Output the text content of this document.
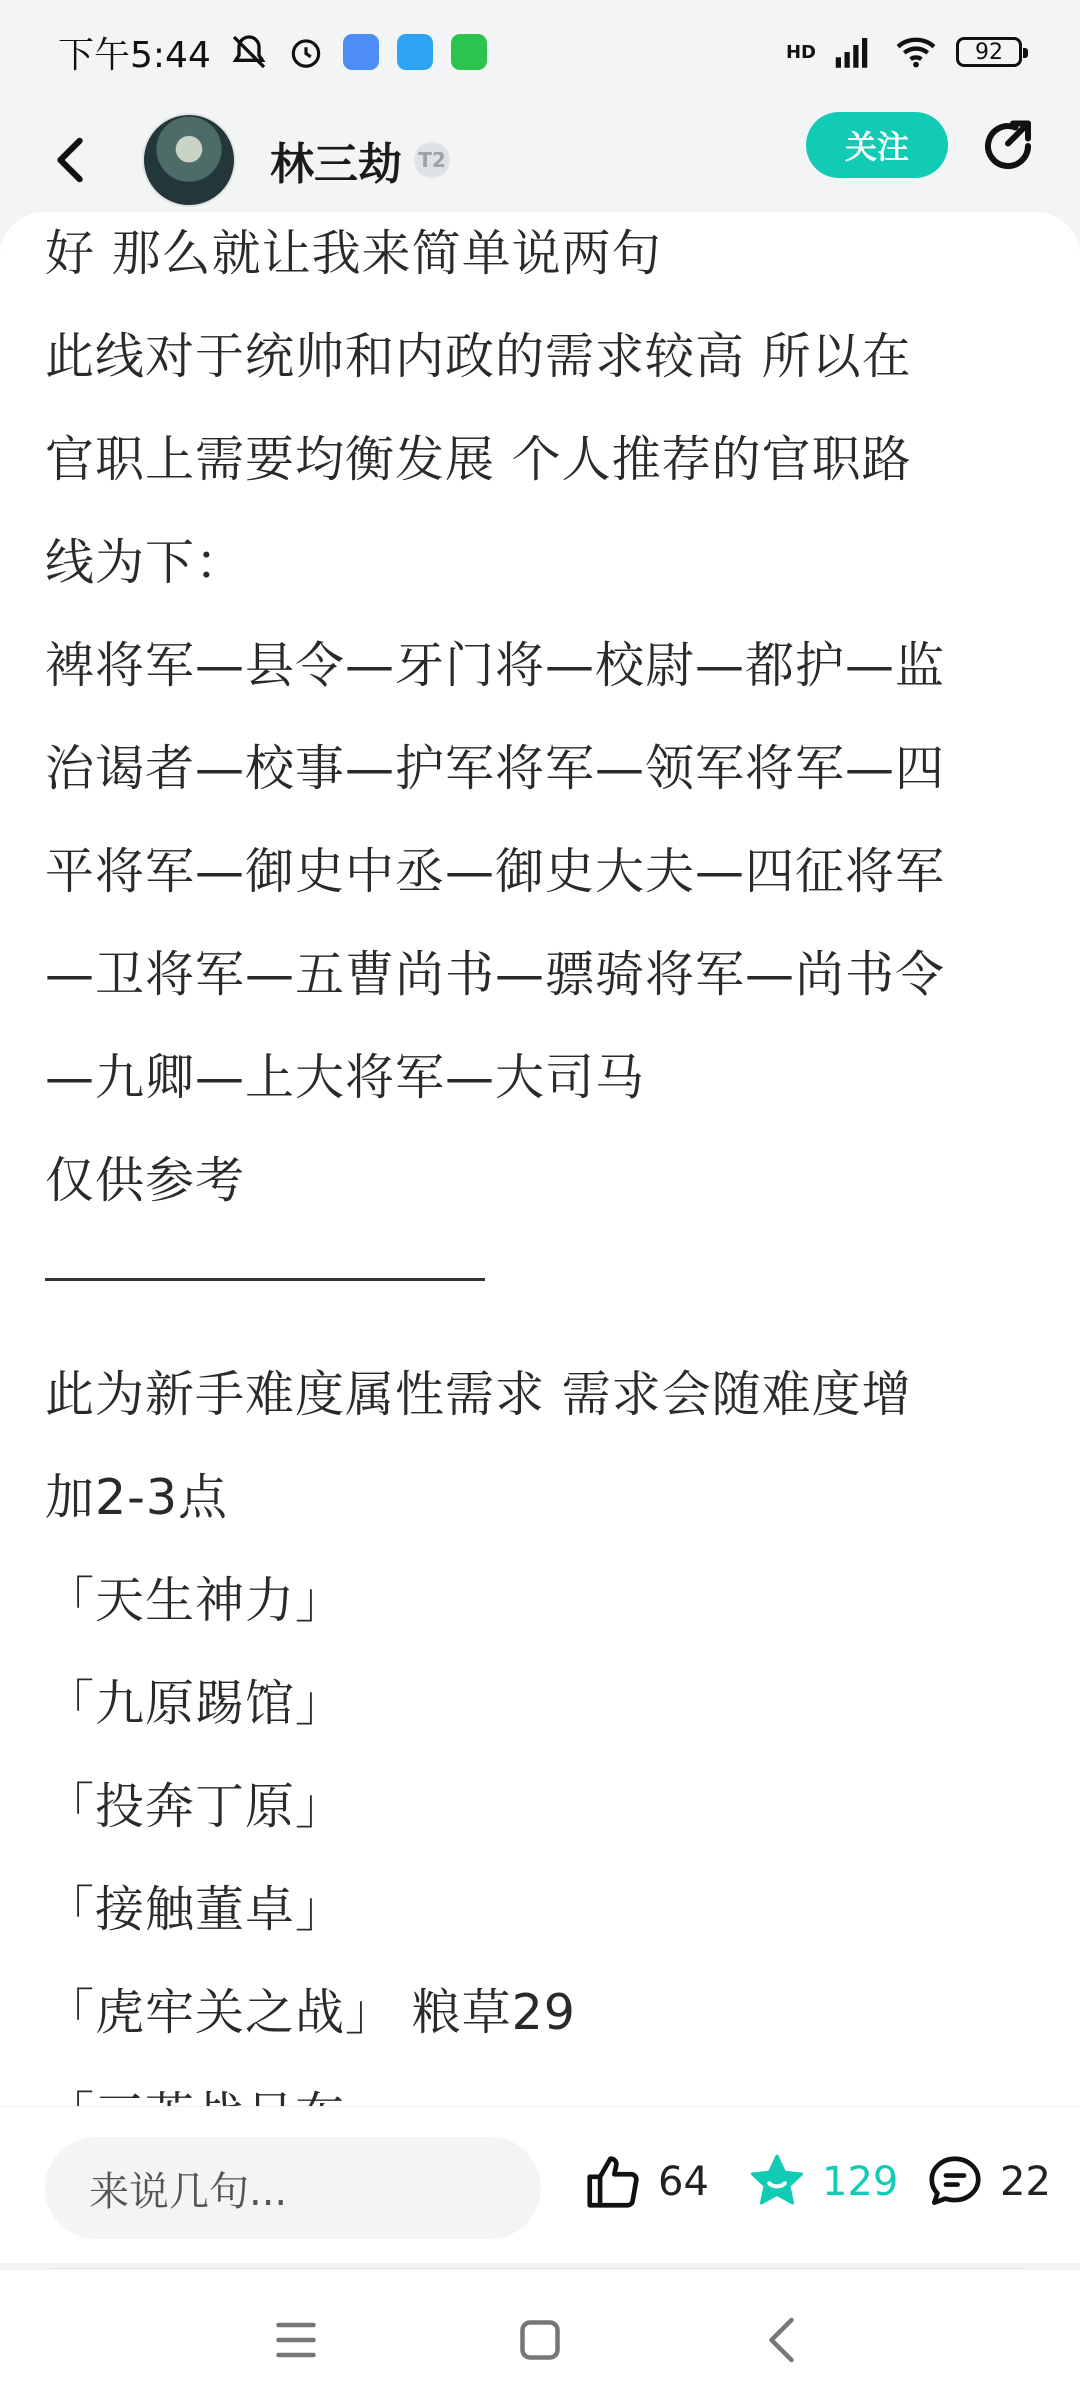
下午5:44	HD	92
林三劫 T2	关注

好 那么就让我来简单说两句

此线对于统帅和内政的需求较高 所以在

官职上需要均衡发展 个人推荐的官职路

线为下：

裨将军—县令—牙门将—校尉—都护—监

治谒者—校事—护军将军—领军将军—四

平将军—御史中丞—御史大夫—四征将军

—卫将军—五曹尚书—骠骑将军—尚书令

—九卿—上大将军—大司马

仅供参考

此为新手难度属性需求 需求会随难度增

加2-3点

「天生神力」

「九原踢馆」

「投奔丁原」

「接触董卓」

「虎牢关之战」 粮草29

来说几句...	64	129	22
